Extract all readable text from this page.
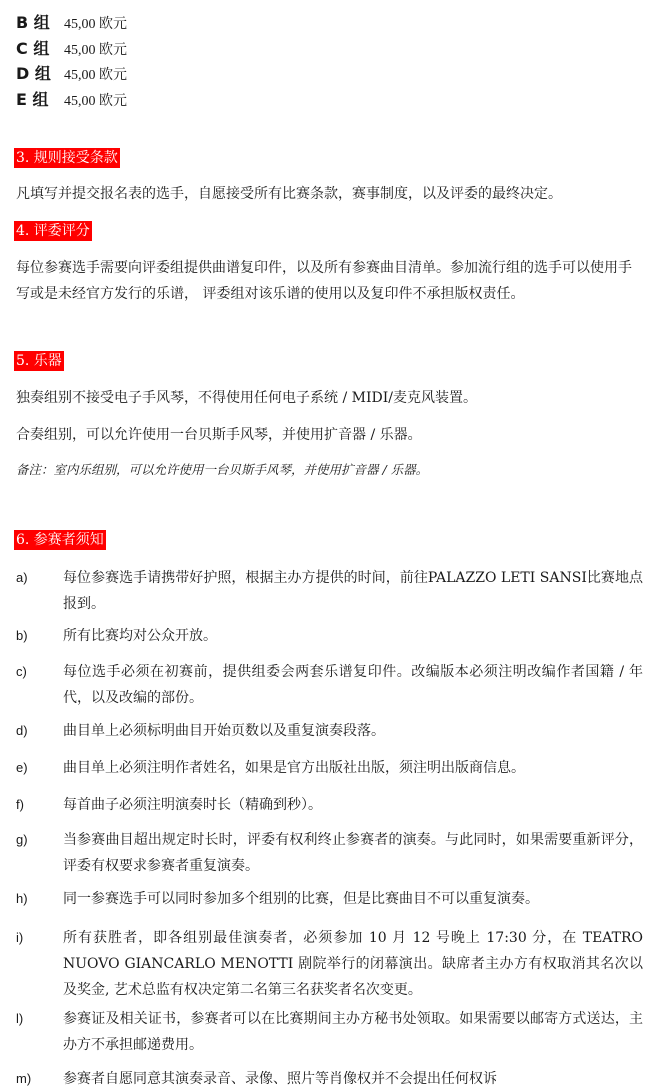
B 组	45,00 欧元
C 组	45,00 欧元
D 组 45,00 欧元
E 组	45,00 欧元
3. 规则接受条款
凡填写并提交报名表的选手，自愿接受所有比赛条款，赛事制度，以及评委的最终决定。
4. 评委评分
每位参赛选手需要向评委组提供曲谱复印件，以及所有参赛曲目清单。参加流行组的选手可以使用手写或是未经官方发行的乐谱， 评委组对该乐谱的使用以及复印件不承担版权责任。
5. 乐器
独奏组别不接受电子手风琴，不得使用任何电子系统 / MIDI/麦克风装置。
合奏组别，可以允许使用一台贝斯手风琴，并使用扩音器 / 乐器。
备注：室内乐组别，可以允许使用一台贝斯手风琴，并使用扩音器 / 乐器。
6. 参赛者须知
a)	每位参赛选手请携带好护照，根据主办方提供的时间，前往PALAZZO LETI SANSI比赛地点报到。
b)	所有比赛均对公众开放。
c)	每位选手必须在初赛前，提供组委会两套乐谱复印件。改编版本必须注明改编作者国籍 / 年代，以及改编的部份。
d)	曲目单上必须标明曲目开始页数以及重复演奏段落。
e)	曲目单上必须注明作者姓名，如果是官方出版社出版，须注明出版商信息。
f)	每首曲子必须注明演奏时长（精确到秒）。
g)	当参赛曲目超出规定时长时，评委有权利终止参赛者的演奏。与此同时，如果需要重新评分，评委有权要求参赛者重复演奏。
h)	同一参赛选手可以同时参加多个组别的比赛，但是比赛曲目不可以重复演奏。
i)	所有获胜者，即各组别最佳演奏者，必须参加 10 月 12 号晚上 17:30 分，在 TEATRO NUOVO GIANCARLO MENOTTI 剧院举行的闭幕演出。缺席者主办方有权取消其名次以及奖金, 艺术总监有权决定第二名第三名获奖者名次变更。
l)	参赛证及相关证书，参赛者可以在比赛期间主办方秘书处领取。如果需要以邮寄方式送达，主办方不承担邮递费用。
m) 参赛者自愿同意其演奏录音、录像、照片等肖像权并不会提出任何权诉
